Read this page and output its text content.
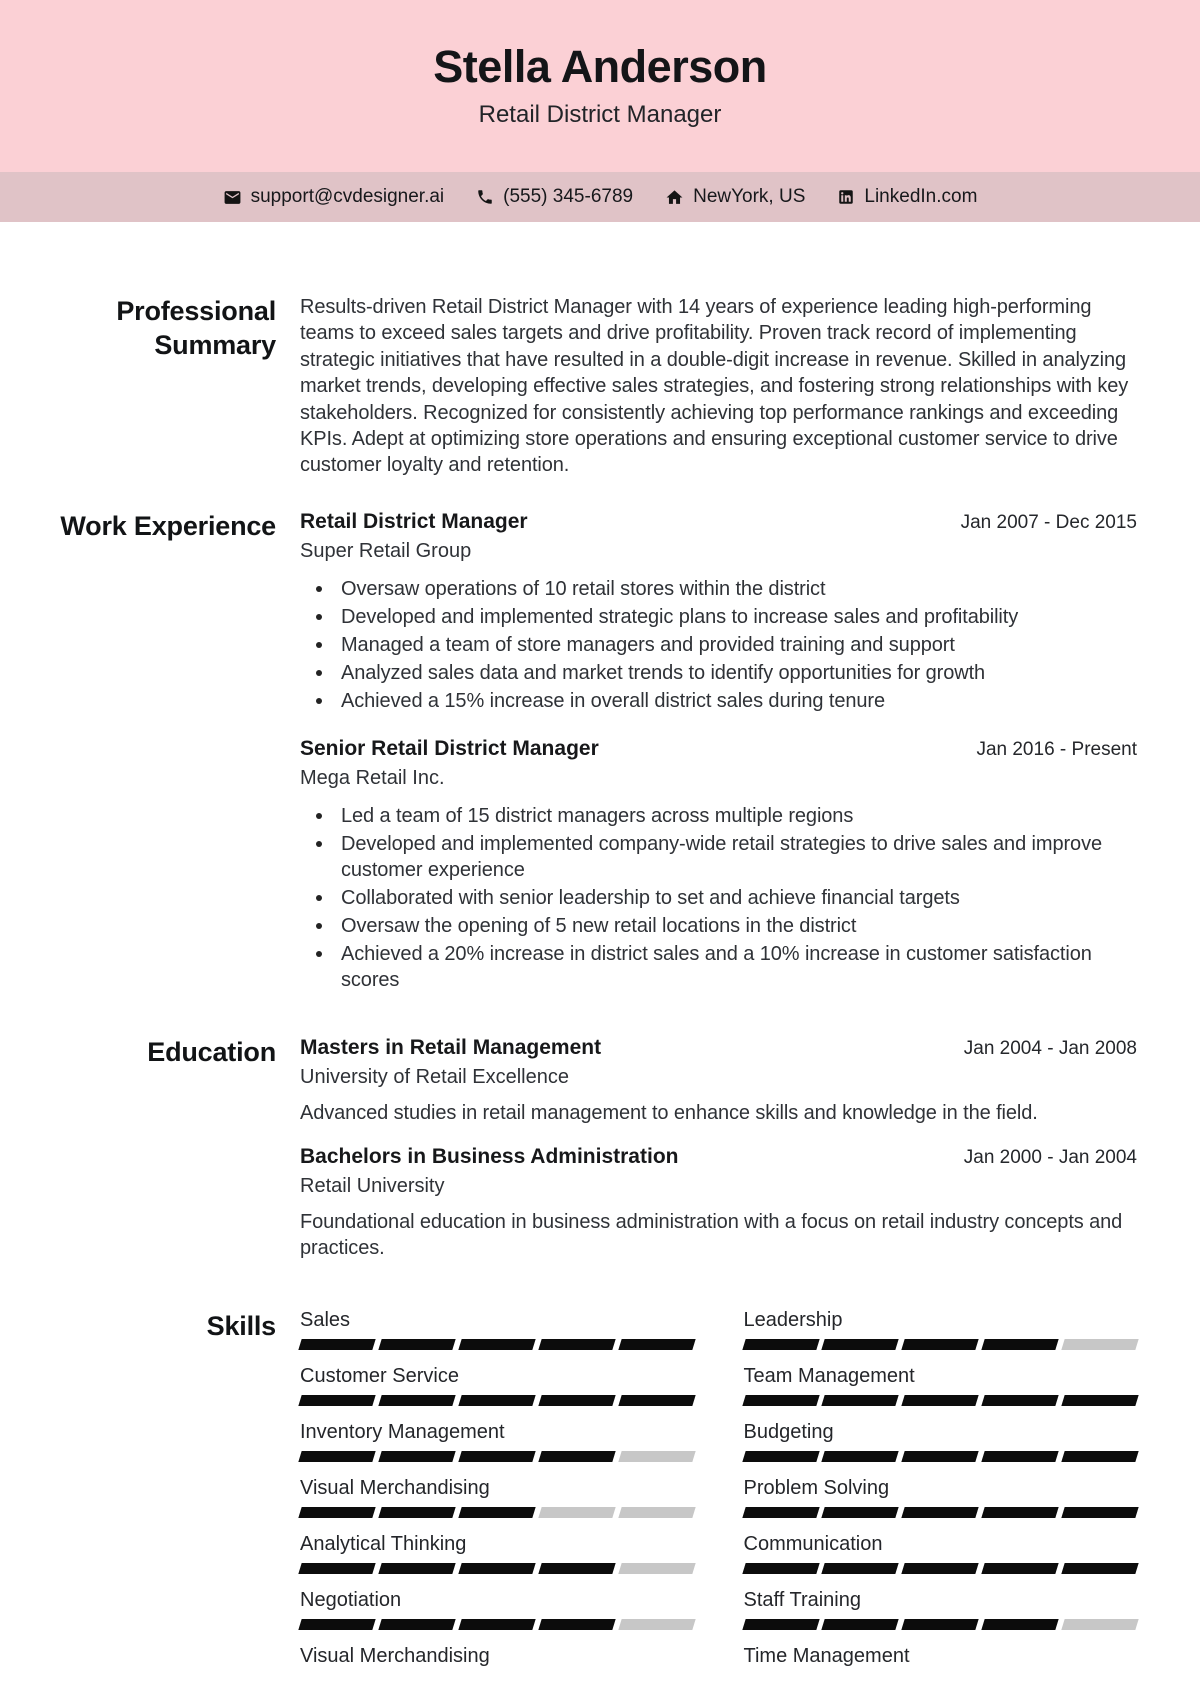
Stella Anderson
Retail District Manager
support@cvdesigner.ai	(555) 345-6789	NewYork, US	LinkedIn.com
Professional Summary

Results-driven Retail District Manager with 14 years of experience leading high-performing teams to exceed sales targets and drive profitability. Proven track record of implementing strategic initiatives that have resulted in a double-digit increase in revenue. Skilled in analyzing market trends, developing effective sales strategies, and fostering strong relationships with key stakeholders. Recognized for consistently achieving top performance rankings and exceeding KPIs. Adept at optimizing store operations and ensuring exceptional customer service to drive customer loyalty and retention.

Work Experience Retail District Manager	Jan 2007 - Dec 2015
Super Retail Group
Oversaw operations of 10 retail stores within the district
Developed and implemented strategic plans to increase sales and profitability
Managed a team of store managers and provided training and support
Analyzed sales data and market trends to identify opportunities for growth
Achieved a 15% increase in overall district sales during tenure
Senior Retail District Manager	Jan 2016 - Present
Mega Retail Inc.
Led a team of 15 district managers across multiple regions
Developed and implemented company-wide retail strategies to drive sales and improve customer experience
Collaborated with senior leadership to set and achieve financial targets
Oversaw the opening of 5 new retail locations in the district
Achieved a 20% increase in district sales and a 10% increase in customer satisfaction scores
Education Masters in Retail Management	Jan 2004 - Jan 2008
University of Retail Excellence
Advanced studies in retail management to enhance skills and knowledge in the field.
Bachelors in Business Administration	Jan 2000 - Jan 2004
Retail University
Foundational education in business administration with a focus on retail industry concepts and practices.
Skills Sales	Leadership
Customer Service	Team Management
Inventory Management	Budgeting
Visual Merchandising	Problem Solving
Analytical Thinking	Communication
Negotiation	Staff Training
Visual Merchandising	Time Management
